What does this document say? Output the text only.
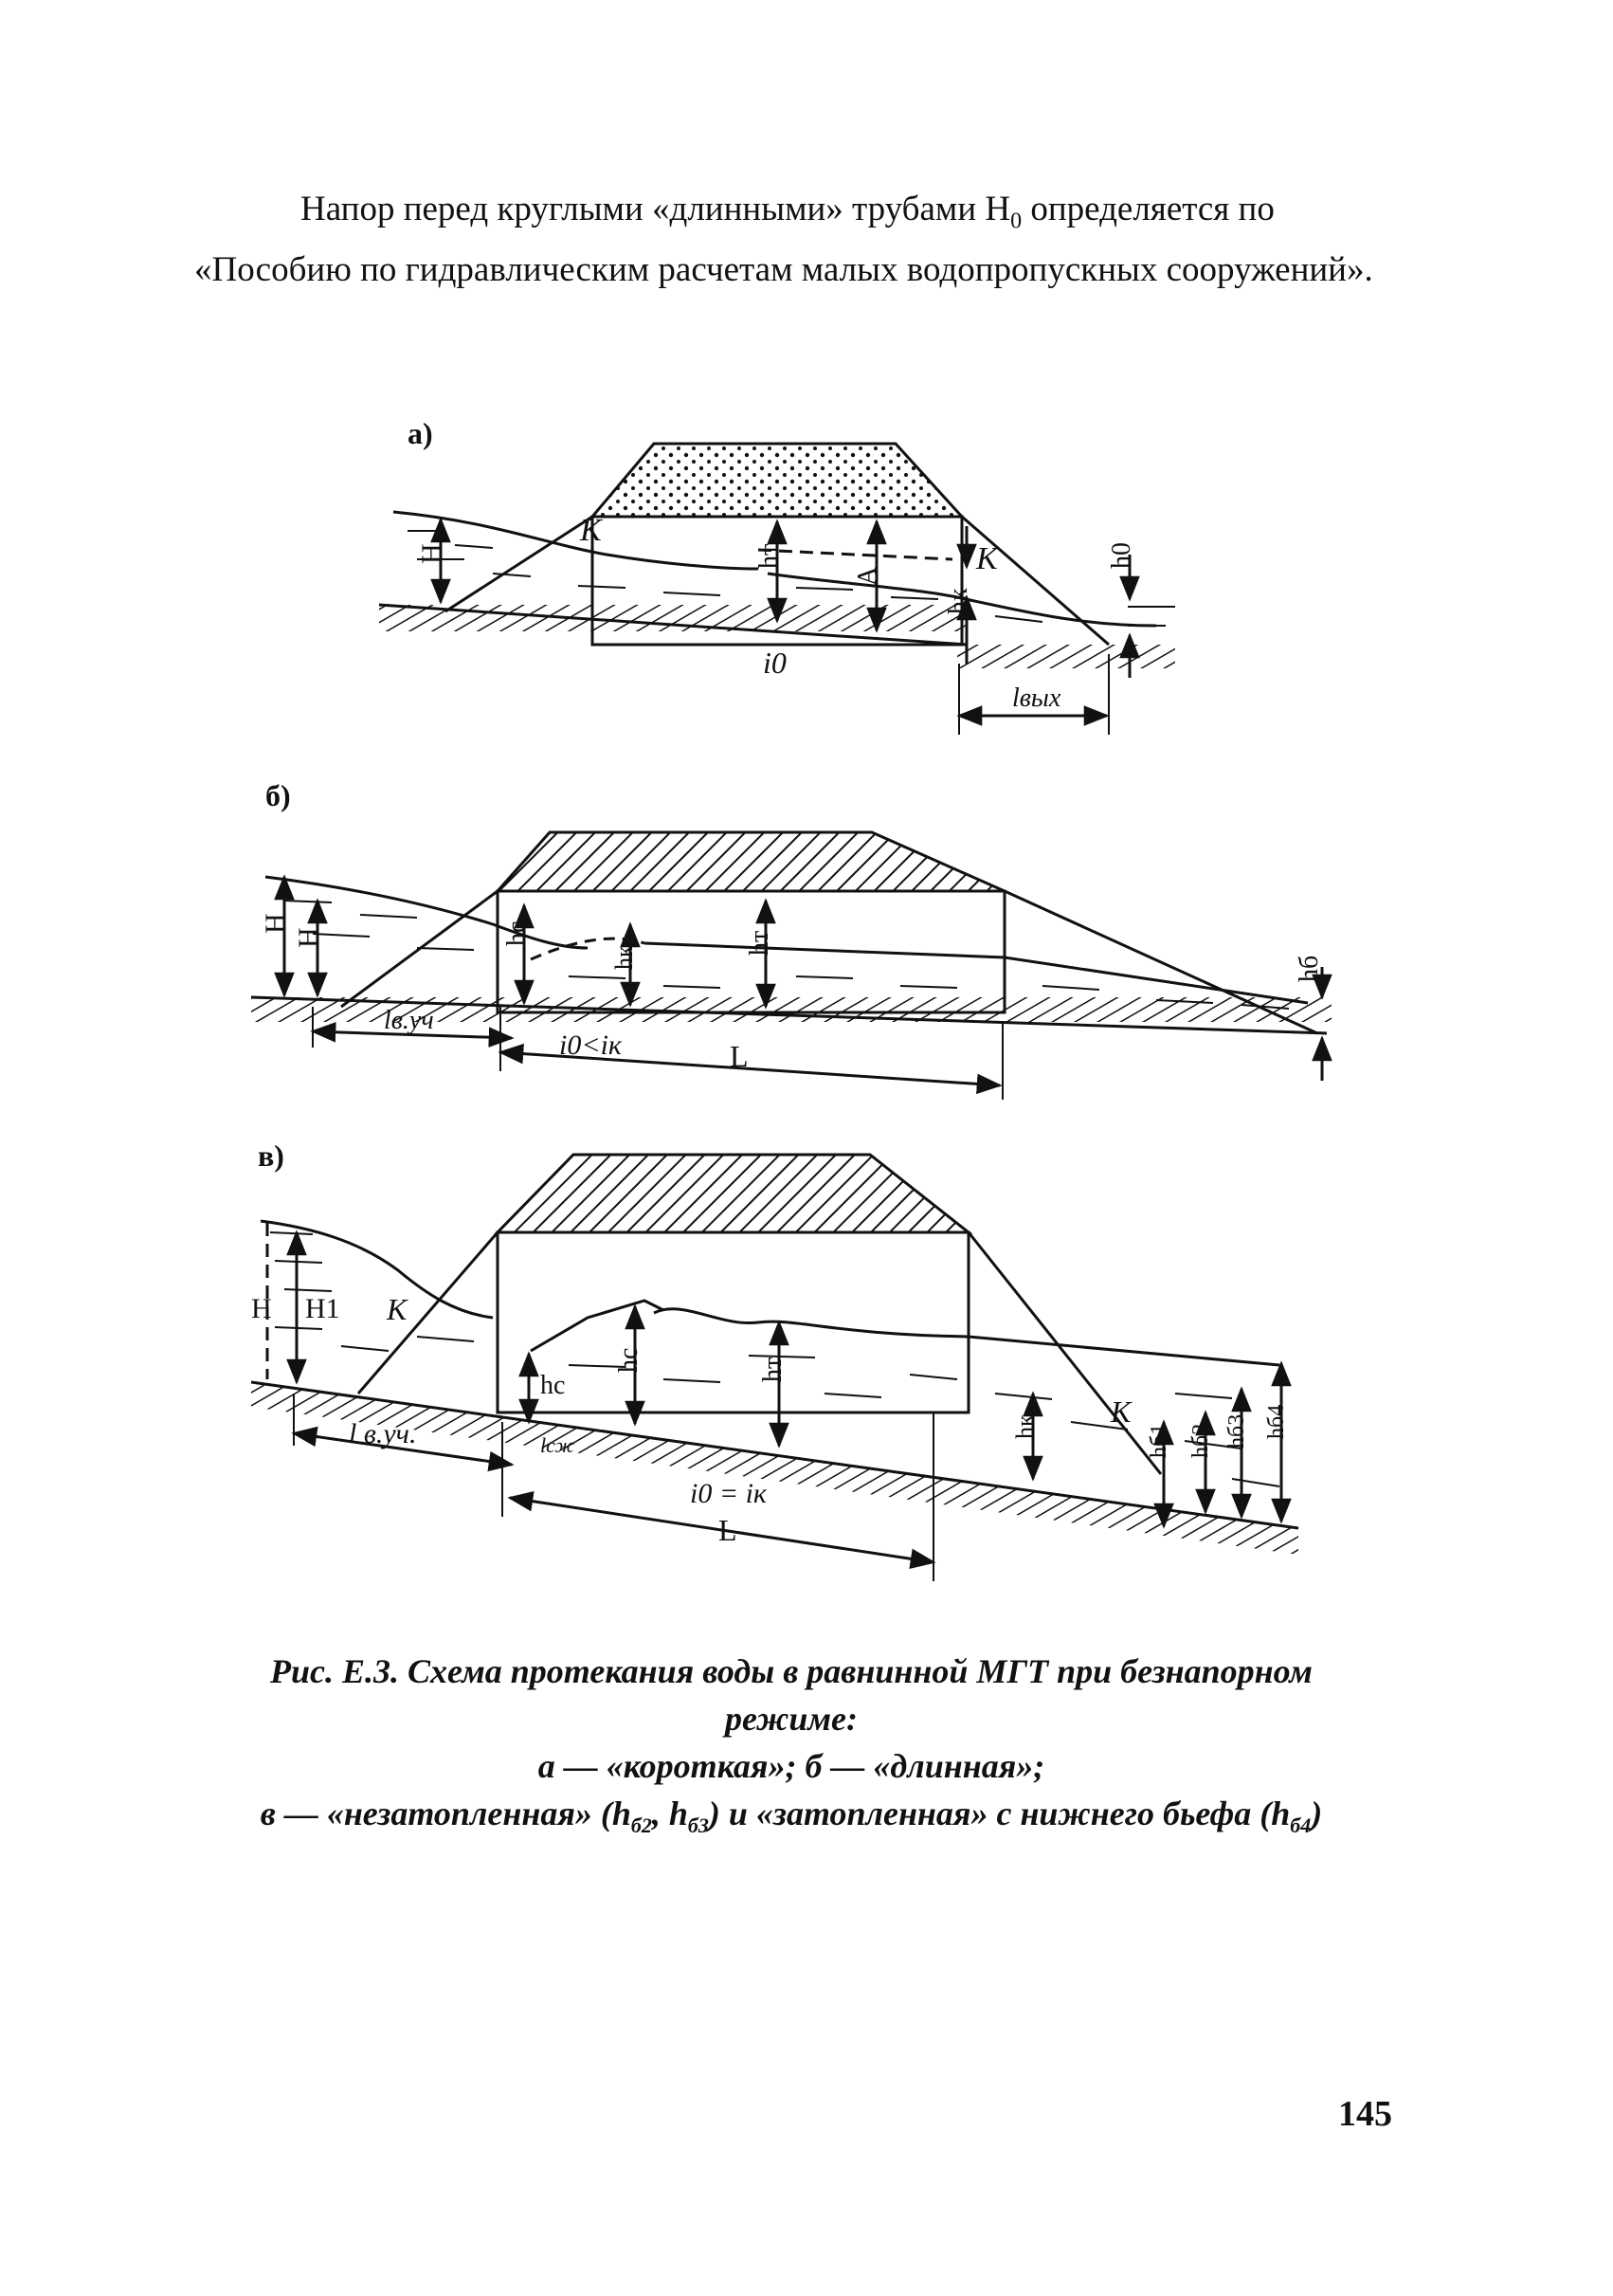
Напор перед круглыми «длинными» трубами $H_0$ определяется по «Пособию по гидравлическим расчетам малых водопропускных сооружений».

а)
K
K
H	hт
A
hк
h0
i0
lвых
б)
H
H	hc
hк
hт
hб
lв.уч
i0<iк	L
в)
H H1 K
K
hc
hc	hт
hк	hб1 hб2 hб3 hб4
l в.уч.	lсж
i0 = iк
L

Рис. Е.3. Схема протекания воды в равнинной МГТ при безнапорном
режиме:
а — «короткая»; б — «длинная»;
в — «незатопленная» ($h_{б2}$, $h_{б3}$) и «затопленная» с нижнего бьефа $(h_{б4})$

145
